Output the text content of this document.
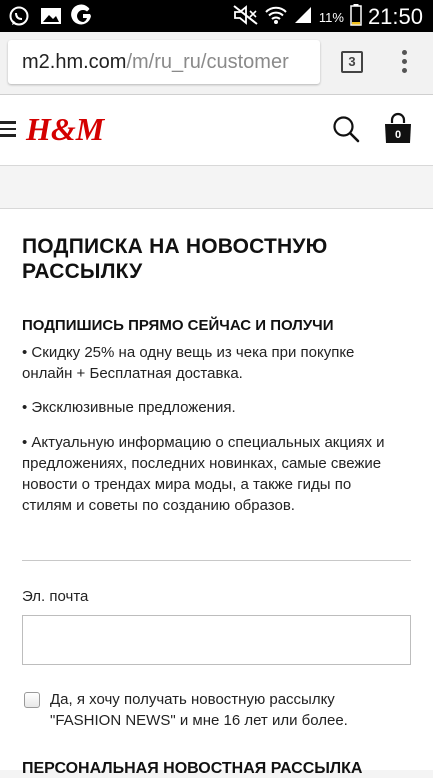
11% 21:50
m2.hm.com/m/ru_ru/customer	3
H&M	0
ПОДПИСКА НА НОВОСТНУЮ РАССЫЛКУ
ПОДПИШИСЬ ПРЯМО СЕЙЧАС И ПОЛУЧИ
• Скидку 25% на одну вещь из чека при покупке онлайн + Бесплатная доставка.
• Эксклюзивные предложения.
• Актуальную информацию о специальных акциях и предложениях, последних новинках, самые свежие новости о трендах мира моды, а также гиды по стилям и советы по созданию образов.
Эл. почта
Да, я хочу получать новостную рассылку "FASHION NEWS" и мне 16 лет или более.
ПЕРСОНАЛЬНАЯ НОВОСТНАЯ РАССЫЛКА
